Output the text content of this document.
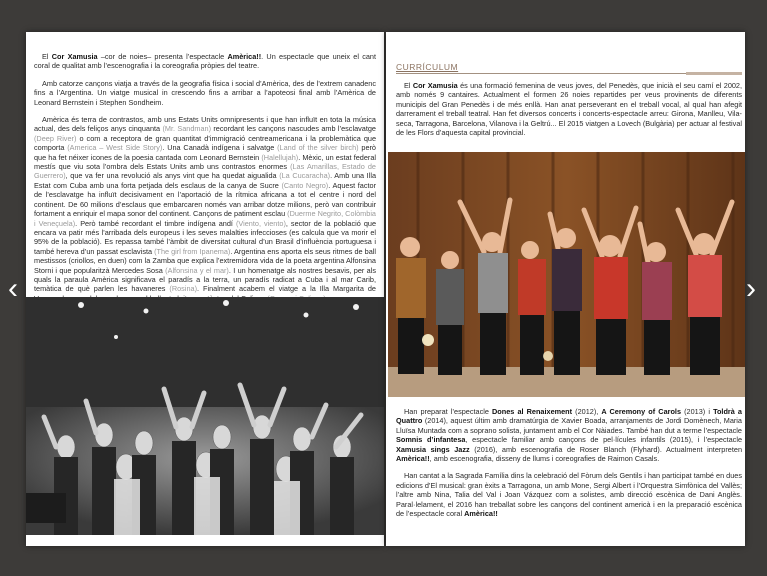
El Cor Xamusia –cor de noies– presenta l’espectacle Amèrica!!. Un espectacle que uneix el cant coral de qualitat amb l’escenografia i la coreografia pròpies del teatre.

Amb catorze cançons viatja a través de la geografia física i social d’Amèrica, des de l’extrem canadenc fins a l’Argentina. Un viatge musical in crescendo fins a arribar a l’apoteosi final amb l’Amèrica de Leonard Bernstein i Stephen Sondheim.

Amèrica és terra de contrastos, amb uns Estats Units omnipresents i que han influït en tota la música actual, des dels feliços anys cinquanta (Mr. Sandman) recordant les cançons nascudes amb l’esclavatge (Deep River) o com a receptora de gran quantitat d’immigració centreamericana i la problemàtica que comporta (America – West Side Story). Una Canadà indígena i salvatge (Land of the silver birch) però que ha fet néixer icones de la poesia cantada com Leonard Bernstein (Halellujah). Mèxic, un estat federal mestís que viu sota l’ombra dels Estats Units amb uns contrastos enormes (Las Amarillas, Estado de Guerrero), que va fer una revolució als anys vint que ha quedat aigualida (La Cucaracha). Amb una Illa Estat com Cuba amb una forta petjada dels esclaus de la canya de Sucre (Canto Negro). Aquest factor de l’esclavatge ha influït decisivament en l’aportació de la rítmica africana a tot el centre i nord del continent. De 60 milions d’esclaus que embarcaren només van arribar dotze milions, però van contribuir fortament a enriquir el mapa sonor del continent. Cançons de patiment esclau (Duerme Negrito, Colòmbia i Veneçuela). Però també recordant el timbre indígena andí (Viento, viento), sector de la població que encara va patir més l’arribada dels europeus i les seves malalties infeccioses (es calcula que va morir el 95% de la població). Es repassa també l’àmbit de diversitat cultural d’un Brasil d’influència portuguesa i també hereva d’un passat esclavista (The girl from Ipanema). Argentina ens aporta els seus ritmes de ball mestissos (criollos, en duen) com la Zamba que explica l’extremidora vida de la poeta argentina Alfonsina Storni i que popularitzà Mercedes Sosa (Alfonsina y el mar). I un homenatge als nostres besavis, per als quals la paraula Amèrica significava el paradís a la terra, un paradís radicat a Cuba i al mar Carib, temàtica de què parlen les havaneres (Rosina). Finalment acabem el viatge a la Illa Margarita de

CURRÍCULUM

El Cor Xamusia és una formació femenina de veus joves, del Penedès, que inicià el seu camí el 2002, amb només 9 cantaires. Actualment el formen 26 noies repartides per veus provinents de diferents municipis del Gran Penedès i de més enllà. Han anat perseverant en el treball vocal, al qual han afegit darrerament el treball teatral. Han fet diversos concerts i concerts-espectacle arreu: Girona, Manlleu, Vila-seca, Tarragona, Barcelona, Vilanova i la Geltrú... El 2015 viatgen a Lovech (Bulgària) per actuar al festival de les Flors d’aquesta capital provincial.

Han preparat l’espectacle Dones al Renaixement (2012), A Ceremony of Carols (2013) i Toldrà a Quattro (2014), aquest últim amb dramatúrgia de Xavier Boada, arranjaments de Jordi Domènech, Maria Lluïsa Muntada com a soprano solista, juntament amb el Cor Nàiades. També han dut a terme l’espectacle Somnis d’infantesa, espectacle familiar amb cançons de pel·lícules infantils (2015), i l’espectacle Xamusia sings Jazz (2016), amb escenografia de Roser Blanch (Flyhard). Actualment interpreten Amèrica!!, amb escenografia, disseny de llums i coreografies de Raimon Casals.

Han cantat a la Sagrada Família dins la celebració del Fòrum dels Gentils i han participat també en dues edicions d’El musical: gran èxits a Tarragona, un amb Mone, Sergi Albert i l’Orquestra Simfònica del Vallès; l’altre amb Nina, Talia del Val i Joan Vázquez com a solistes, amb direcció escènica de Dani Anglès. Paral·lelament, el 2016 han treballat sobre les cançons del continent americà i en la preparació escènica de l’espectacle coral Amèrica!!

‹	›
